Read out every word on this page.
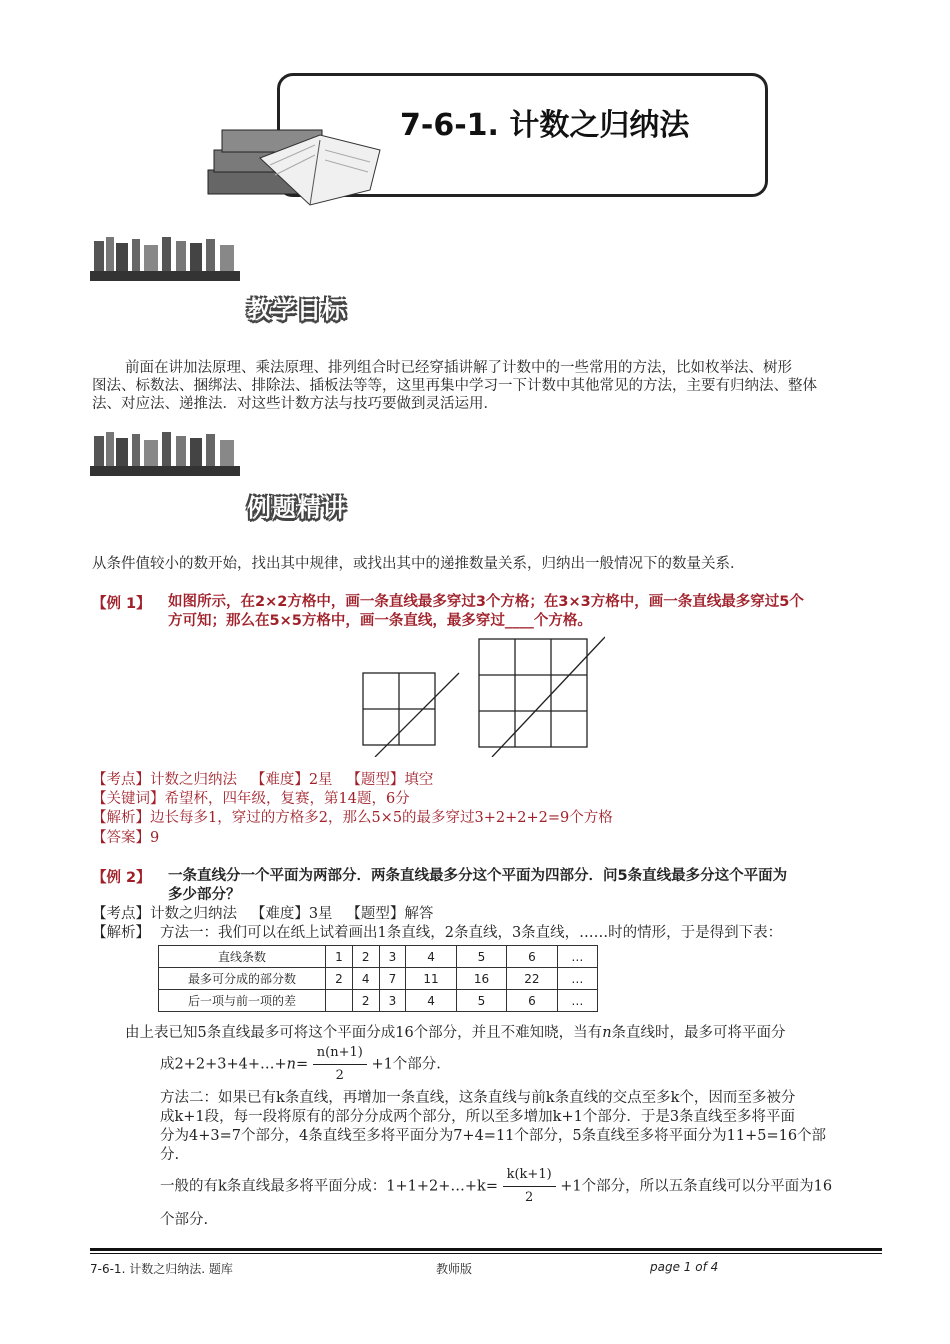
7-6-1. 计数之归纳法
教学目标
前面在讲加法原理、乘法原理、排列组合时已经穿插讲解了计数中的一些常用的方法，比如枚举法、树形
图法、标数法、捆绑法、排除法、插板法等等，这里再集中学习一下计数中其他常见的方法，主要有归纳法、整体
法、对应法、递推法．对这些计数方法与技巧要做到灵活运用．
例题精讲
从条件值较小的数开始，找出其中规律，或找出其中的递推数量关系，归纳出一般情况下的数量关系．
【例 1】 如图所示，在2×2方格中，画一条直线最多穿过3个方格；在3×3方格中，画一条直线最多穿过5个
方可知；那么在5×5方格中，画一条直线，最多穿过____个方格。
【考点】计数之归纳法 【难度】2星 【题型】填空
【关键词】希望杯，四年级，复赛，第14题，6分
【解析】边长每多1，穿过的方格多2，那么5×5的最多穿过3+2+2+2=9个方格
【答案】9
【例 2】 一条直线分一个平面为两部分．两条直线最多分这个平面为四部分．问5条直线最多分这个平面为
多少部分？
【考点】计数之归纳法 【难度】3星 【题型】解答
【解析】 方法一：我们可以在纸上试着画出1条直线，2条直线，3条直线，……时的情形，于是得到下表：
直线条数	1	2	3	4	5	6	…
最多可分成的部分数	2	4	7	11	16	22	…
后一项与前一项的差		2	3	4	5	6	…
由上表已知5条直线最多可将这个平面分成16个部分，并且不难知晓，当有n条直线时，最多可将平面分
成2+2+3+4+…+n= $\frac{n(n+1)}{2} +1$个部分.
方法二：如果已有k条直线，再增加一条直线，这条直线与前k条直线的交点至多k个，因而至多被分
成k+1段，每一段将原有的部分分成两个部分，所以至多增加k+1个部分．于是3条直线至多将平面
分为4+3=7个部分，4条直线至多将平面分为7+4=11个部分，5条直线至多将平面分为11+5=16个部
分.
一般的有k条直线最多将平面分成：1+1+2+…+k= $\frac{k(k+1)}{2} +1$个部分，所以五条直线可以分平面为16
个部分.
7-6-1. 计数之归纳法. 题库	教师版	page 1 of 4
